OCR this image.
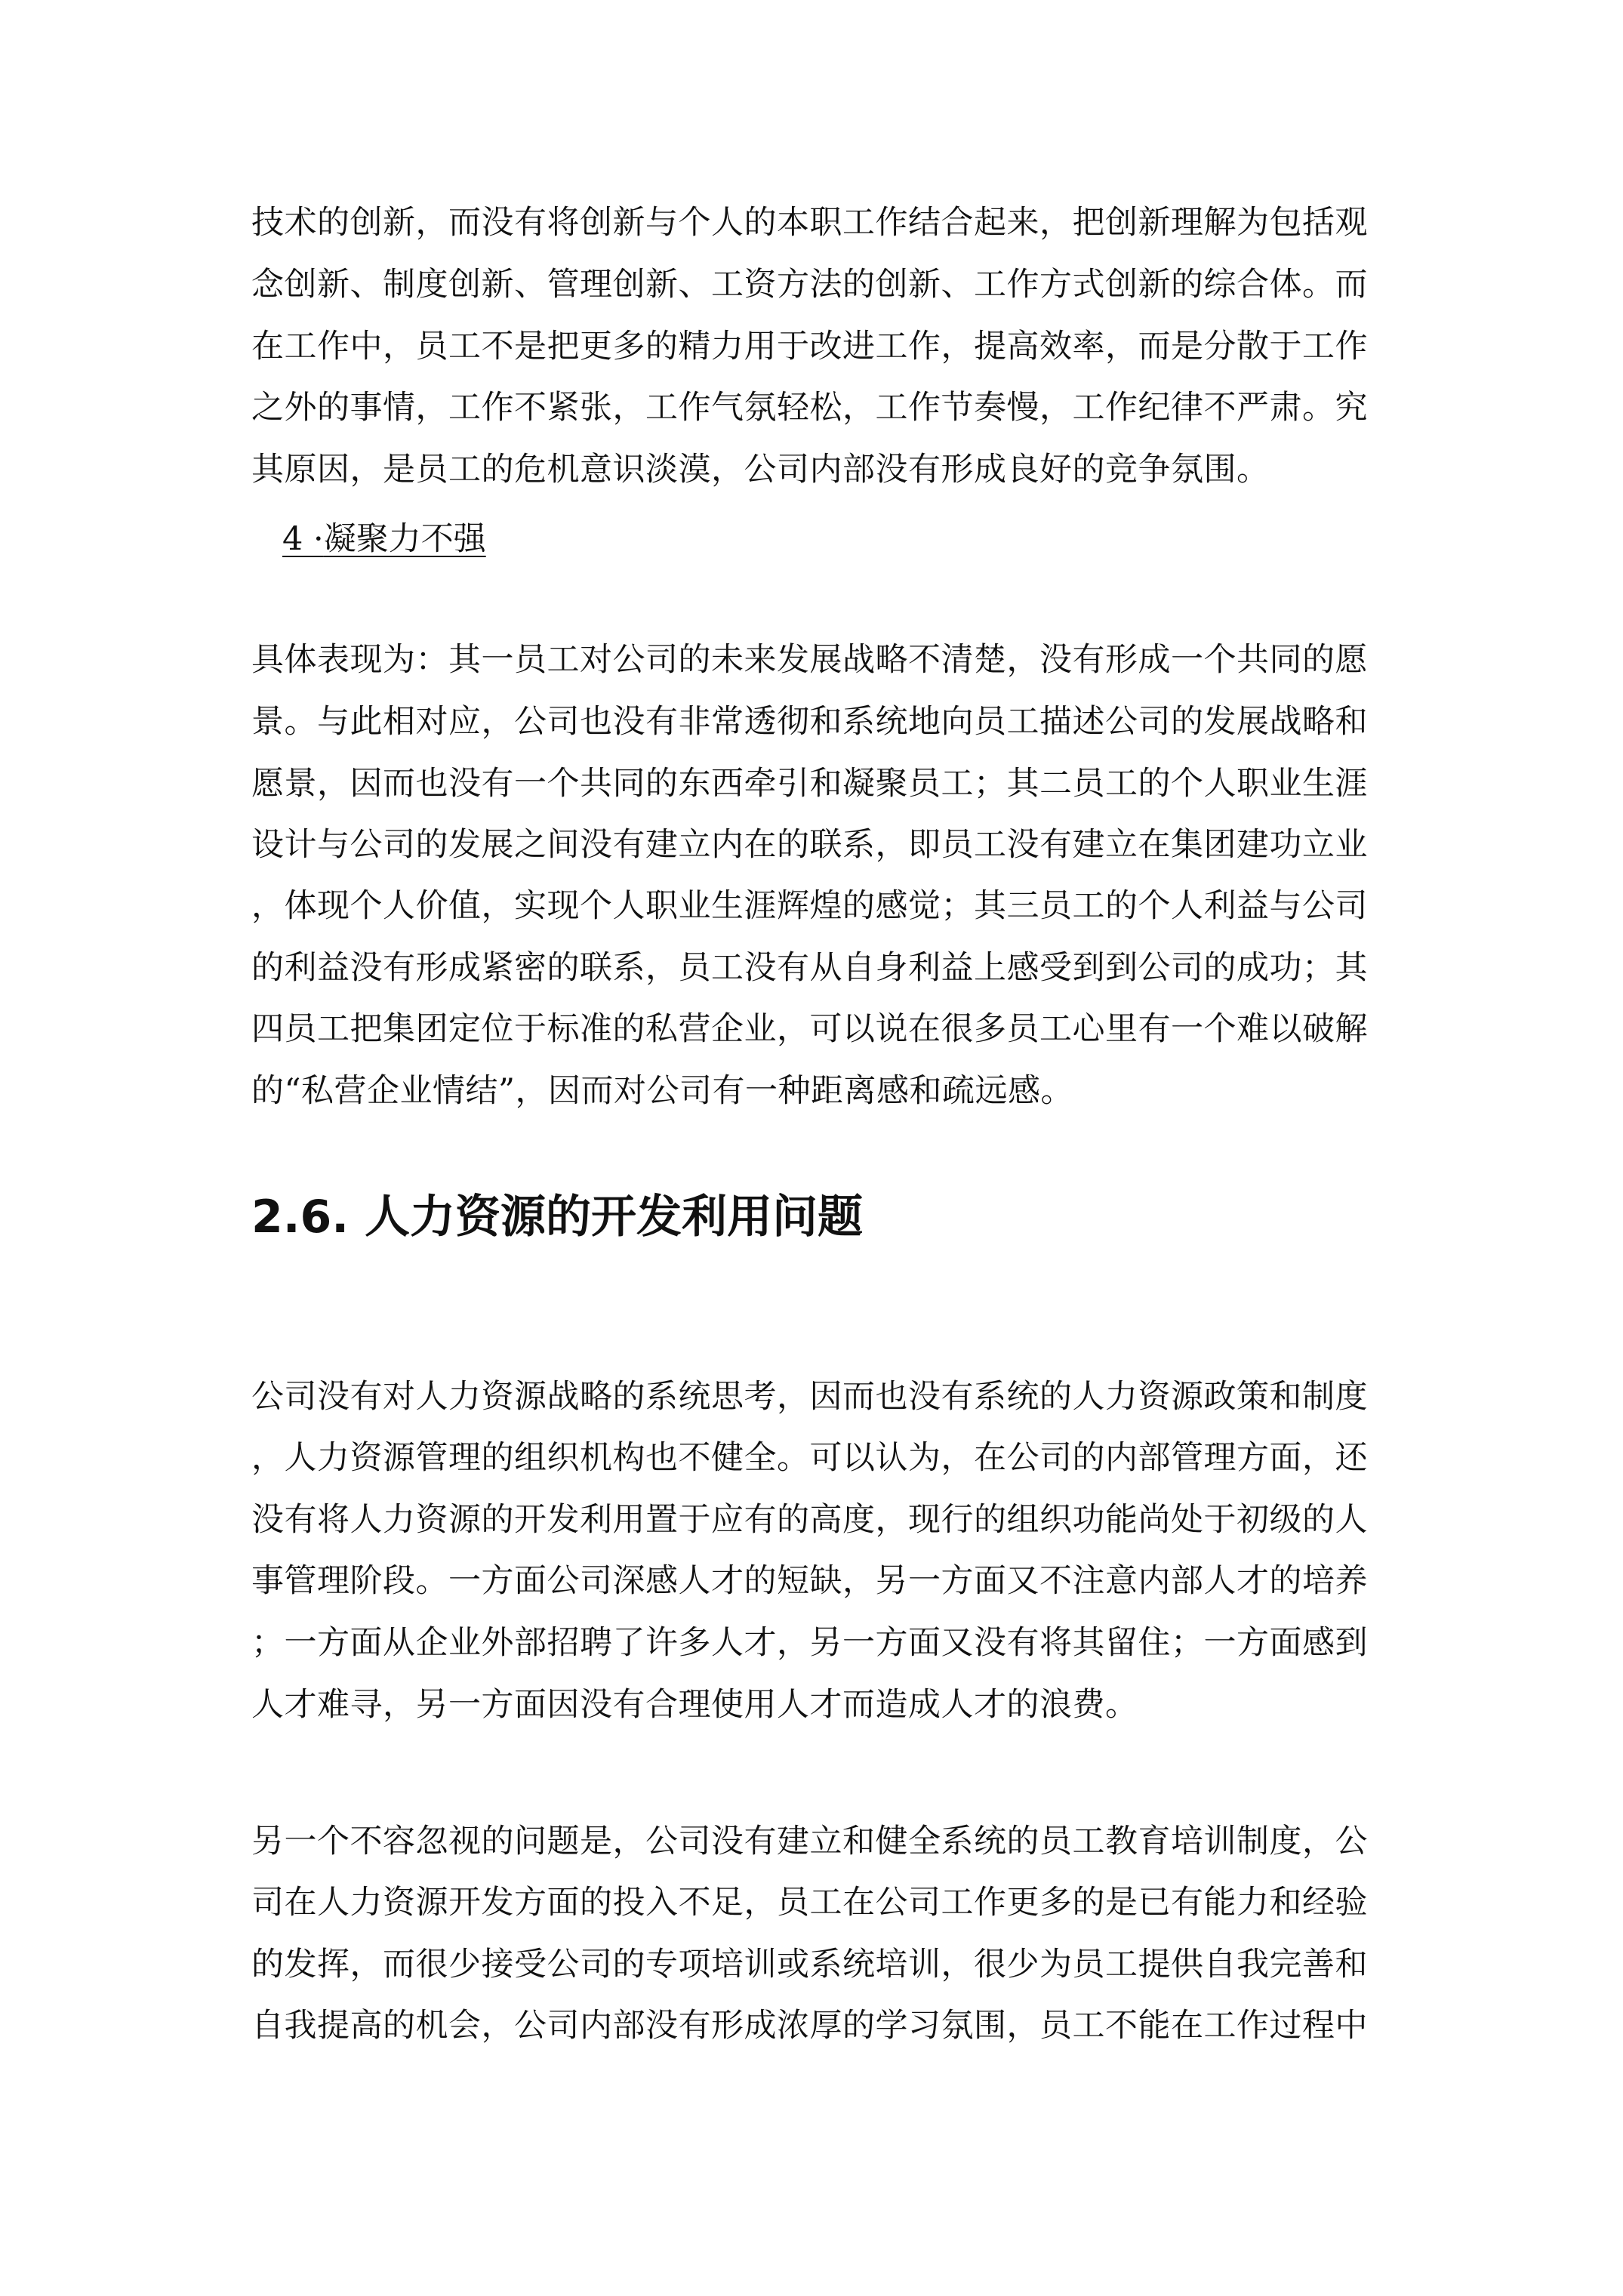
技术的创新，而没有将创新与个人的本职工作结合起来，把创新理解为包括观
念创新、制度创新、管理创新、工资方法的创新、工作方式创新的综合体。而
在工作中，员工不是把更多的精力用于改进工作，提高效率，而是分散于工作
之外的事情，工作不紧张，工作气氛轻松，工作节奏慢，工作纪律不严肃。究
其原因，是员工的危机意识淡漠，公司内部没有形成良好的竞争氛围。
4 ·凝聚力不强
具体表现为：其一员工对公司的未来发展战略不清楚，没有形成一个共同的愿
景。与此相对应，公司也没有非常透彻和系统地向员工描述公司的发展战略和
愿景，因而也没有一个共同的东西牵引和凝聚员工；其二员工的个人职业生涯
设计与公司的发展之间没有建立内在的联系，即员工没有建立在集团建功立业
，体现个人价值，实现个人职业生涯辉煌的感觉；其三员工的个人利益与公司
的利益没有形成紧密的联系，员工没有从自身利益上感受到到公司的成功；其
四员工把集团定位于标准的私营企业，可以说在很多员工心里有一个难以破解
的“私营企业情结”，因而对公司有一种距离感和疏远感。
2.6. 人力资源的开发利用问题
公司没有对人力资源战略的系统思考，因而也没有系统的人力资源政策和制度
，人力资源管理的组织机构也不健全。可以认为，在公司的内部管理方面，还
没有将人力资源的开发利用置于应有的高度，现行的组织功能尚处于初级的人
事管理阶段。一方面公司深感人才的短缺，另一方面又不注意内部人才的培养
；一方面从企业外部招聘了许多人才，另一方面又没有将其留住；一方面感到
人才难寻，另一方面因没有合理使用人才而造成人才的浪费。
另一个不容忽视的问题是，公司没有建立和健全系统的员工教育培训制度，公
司在人力资源开发方面的投入不足，员工在公司工作更多的是已有能力和经验
的发挥，而很少接受公司的专项培训或系统培训，很少为员工提供自我完善和
自我提高的机会，公司内部没有形成浓厚的学习氛围，员工不能在工作过程中
